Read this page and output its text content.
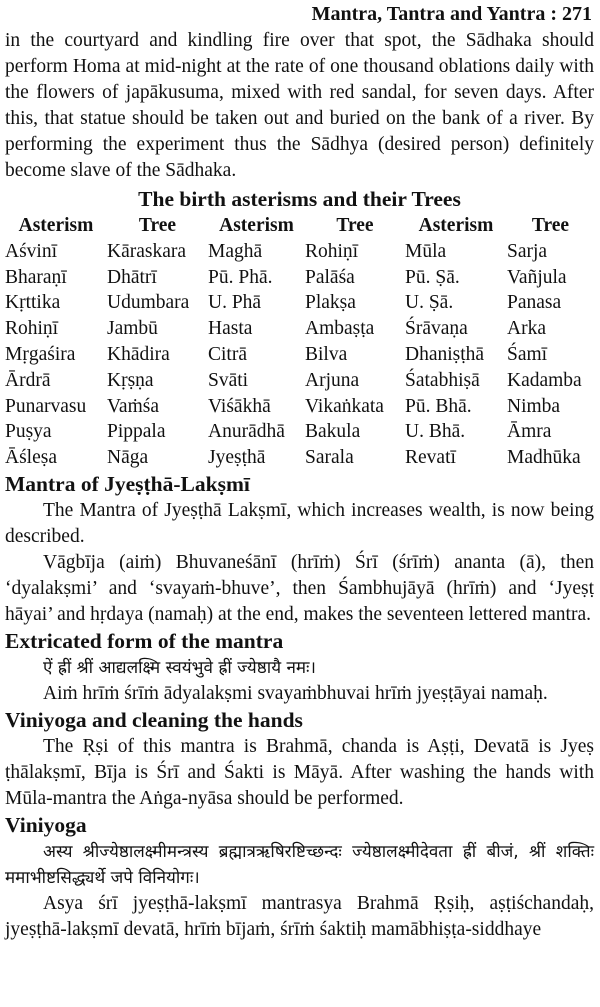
Mantra, Tantra and Yantra : 271

in the courtyard and kindling fire over that spot, the Sādhaka should perform Homa at mid-night at the rate of one thousand oblations daily with the flowers of japākusuma, mixed with red sandal, for seven days. After this, that statue should be taken out and buried on the bank of a river. By performing the experiment thus the Sādhya (desired person) definitely become slave of the Sādhaka.

The birth asterisms and their Trees
Asterism	Tree	Asterism	Tree	Asterism	Tree
Aśvinī	Kāraskara	Maghā	Rohiṇī	Mūla	Sarja
Bharaṇī	Dhātrī	Pū. Phā.	Palāśa	Pū. Ṣā.	Vañjula
Kṛttika	Udumbara	U. Phā	Plakṣa	U. Ṣā.	Panasa
Rohiṇī	Jambū	Hasta	Ambaṣṭa	Śrāvaṇa	Arka
Mṛgaśira	Khādira	Citrā	Bilva	Dhaniṣṭhā	Śamī
Ārdrā	Kṛṣṇa	Svāti	Arjuna	Śatabhiṣā	Kadamba
Punarvasu	Vaṁśa	Viśākhā	Vikaṅkata	Pū. Bhā.	Nimba
Puṣya	Pippala	Anurādhā	Bakula	U. Bhā.	Āmra
Āśleṣa	Nāga	Jyeṣṭhā	Sarala	Revatī	Madhūka
Mantra of Jyeṣṭhā-Lakṣmī

The Mantra of Jyeṣṭhā Lakṣmī, which increases wealth, is now being described.

Vāgbīja (aiṁ) Bhuvaneśānī (hrīṁ) Śrī (śrīṁ) ananta (ā), then ‘dyalakṣmi’ and ‘svayaṁ-bhuve’, then Śambhujāyā (hrīṁ) and ‘Jyeṣṭ hāyai’ and hṛdaya (namaḥ) at the end, makes the seventeen lettered mantra.

Extricated form of the mantra

ऐं ह्रीं श्रीं आद्यलक्ष्मि स्वयंभुवे ह्रीं ज्येष्ठायै नमः।

Aiṁ hrīṁ śrīṁ ādyalakṣmi svayaṁbhuvai hrīṁ jyeṣṭāyai namaḥ.

Viniyoga and cleaning the hands

The Ṛṣi of this mantra is Brahmā, chanda is Aṣṭi, Devatā is Jyeṣ ṭhālakṣmī, Bīja is Śrī and Śakti is Māyā. After washing the hands with Mūla-mantra the Aṅga-nyāsa should be performed.

Viniyoga

अस्य श्रीज्येष्ठालक्ष्मीमन्त्रस्य ब्रह्मात्रऋषिरष्टिच्छन्दः ज्येष्ठालक्ष्मीदेवता ह्रीं बीजं, श्रीं शक्तिः ममाभीष्टसिद्ध्यर्थे जपे विनियोगः।

Asya śrī jyeṣṭhā-lakṣmī mantrasya Brahmā Ṛṣiḥ, aṣṭiśchandaḥ, jyeṣṭhā-lakṣmī devatā, hrīṁ bījaṁ, śrīṁ śaktiḥ mamābhiṣṭa-siddhaye
